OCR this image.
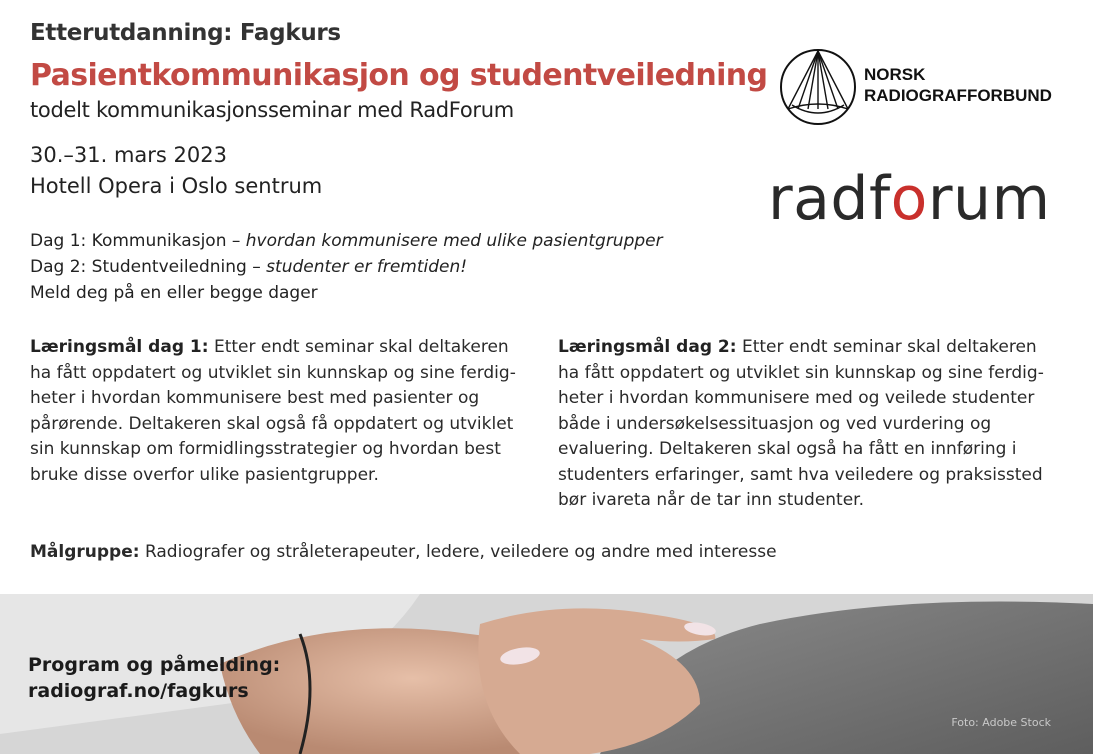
Etterutdanning: Fagkurs
Pasientkommunikasjon og studentveiledning
todelt kommunikasjonsseminar med RadForum
30.–31. mars 2023
Hotell Opera i Oslo sentrum
Dag 1: Kommunikasjon – hvordan kommunisere med ulike pasientgrupper
Dag 2: Studentveiledning – studenter er fremtiden!
Meld deg på en eller begge dager
NORSK
RADIOGRAFFORBUND
radforum
Læringsmål dag 1: Etter endt seminar skal deltakeren ha fått oppdatert og utviklet sin kunnskap og sine ferdig-heter i hvordan kommunisere best med pasienter og pårørende. Deltakeren skal også få oppdatert og utviklet sin kunnskap om formidlingsstrategier og hvordan best bruke disse overfor ulike pasientgrupper.
Læringsmål dag 2: Etter endt seminar skal deltakeren ha fått oppdatert og utviklet sin kunnskap og sine ferdig-heter i hvordan kommunisere med og veilede studenter både i undersøkelsessituasjon og ved vurdering og evaluering. Deltakeren skal også ha fått en innføring i studenters erfaringer, samt hva veiledere og praksissted bør ivareta når de tar inn studenter.
Målgruppe: Radiografer og stråleterapeuter, ledere, veiledere og andre med interesse
Program og påmelding:
radiograf.no/fagkurs
Foto: Adobe Stock
